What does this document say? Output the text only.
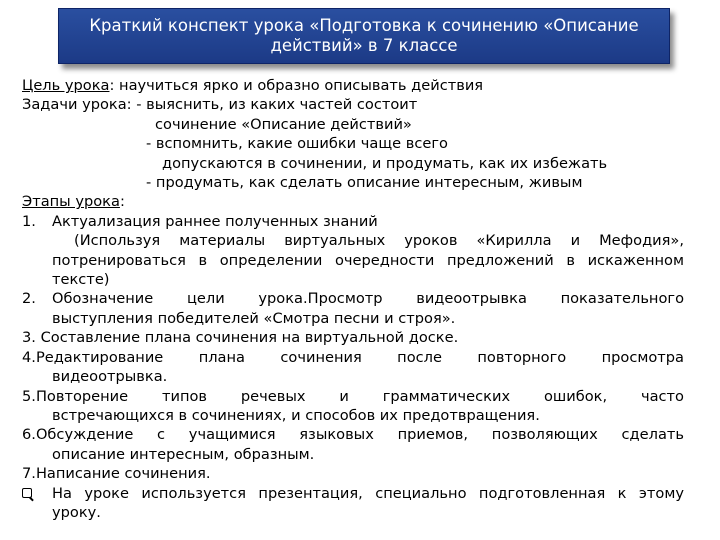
Краткий конспект урока «Подготовка к сочинению «Описание
действий» в 7 классе
Цель урока: научиться ярко и образно описывать действия
Задачи урока: - выяснить, из каких частей состоит
сочинение «Описание действий»
- вспомнить, какие ошибки чаще всего
допускаются в сочинении, и продумать, как их избежать
- продумать, как сделать описание интересным, живым
Этапы урока:
1. Актуализация раннее полученных знаний
(Используя материалы виртуальных уроков «Кирилла и Мефодия»,
потренироваться в определении очередности предложений в искаженном
тексте)
2. Обозначение цели урока.Просмотр видеоотрывка показательного
выступления победителей «Смотра песни и строя».
3. Составление плана сочинения на виртуальной доске.
4.Редактирование плана сочинения после повторного просмотра
видеоотрывка.
5.Повторение типов речевых и грамматических ошибок, часто
встречающихся в сочинениях, и способов их предотвращения.
6.Обсуждение с учащимися языковых приемов, позволяющих сделать
описание интересным, образным.
7.Написание сочинения.
На уроке используется презентация, специально подготовленная к этому
уроку.
